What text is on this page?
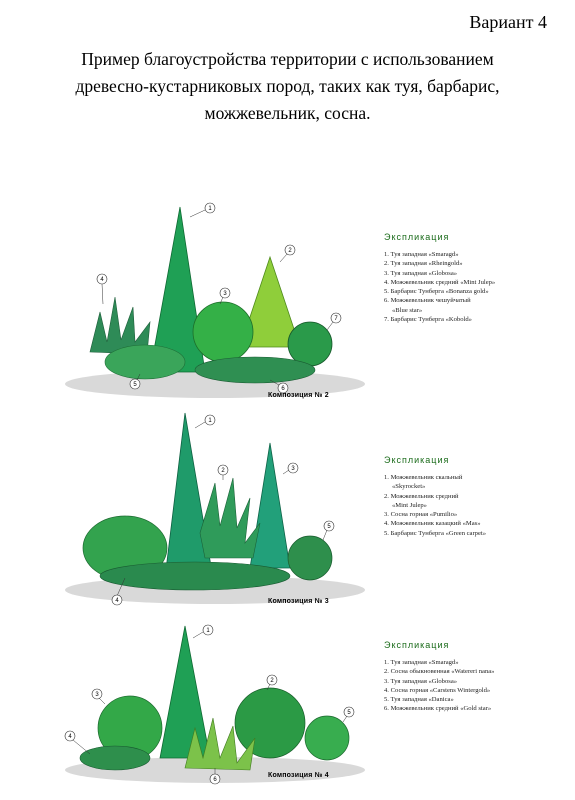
Вариант 4
Пример благоустройства территории с использованием
древесно-кустарниковых пород, таких как туя, барбарис,
можжевельник, сосна.
1
2
3
4
5
6
7
Композиция № 2
Экспликация
1. Туя западная «Smaragd»
2. Туя западная «Rheingold»
3. Туя западная «Globosa»
4. Можжевельник средний «Mint Julep»
5. Барбарис Тунберга «Bonanza gold»
6. Можжевельник чешуйчатый
«Blue star»
7. Барбарис Тунберга «Kobold»
1
2	3
4
5
Композиция № 3
Экспликация
1. Можжевельник скальный
«Skyrocket»
2. Можжевельник средний
«Mint Julep»
3. Сосна горная «Pumilio»
4. Можжевельник казацкий «Mas»
5. Барбарис Тунберга «Green carpet»
1
2
3
4
5
6
Композиция № 4
Экспликация
1. Туя западная «Smaragd»
2. Сосна обыкновенная «Watereri nana»
3. Туя западная «Globosa»
4. Сосна горная «Carstens Wintergold»
5. Туя западная «Danica»
6. Можжевельник средний «Gold star»
